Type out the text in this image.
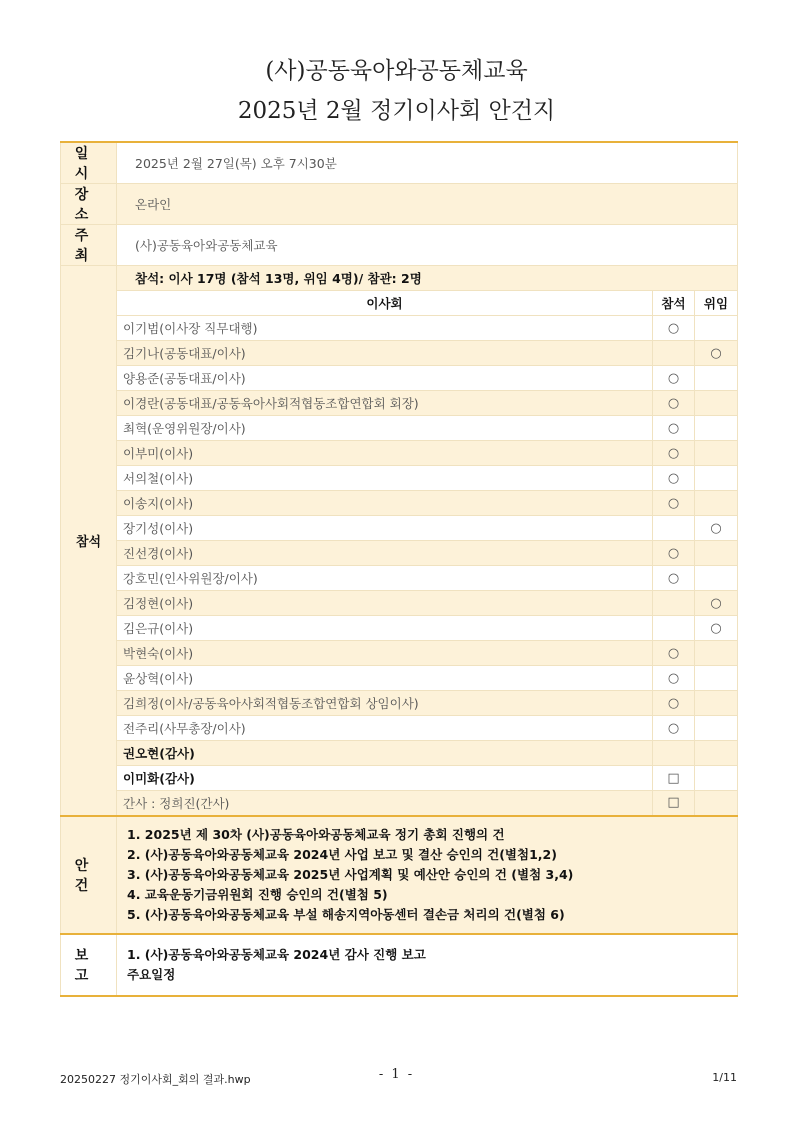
(사)공동육아와공동체교육
2025년 2월 정기이사회 안건지
일 시	2025년 2월 27일(목) 오후 7시30분		
장 소	온라인		
주 최	(사)공동육아와공동체교육		
참석	참석: 이사 17명 (참석 13명, 위임 4명)/ 참관: 2명		
	이사회	참석	위임
	이기범(이사장 직무대행)	○	
	김기나(공동대표/이사)		○
	양용준(공동대표/이사)	○	
	이경란(공동대표/공동육아사회적협동조합연합회 회장)	○	
	최혁(운영위원장/이사)	○	
	이부미(이사)	○	
	서의철(이사)	○	
	이송지(이사)	○	
	장기성(이사)		○
	진선경(이사)	○	
	강호민(인사위원장/이사)	○	
	김정현(이사)		○
	김은규(이사)		○
	박현숙(이사)	○	
	윤상혁(이사)	○	
	김희정(이사/공동육아사회적협동조합연합회 상임이사)	○	
	전주리(사무총장/이사)	○	
	권오현(감사)		
	이미화(감사)	□	
	간사 : 정희진(간사)	□	
안 건	1. 2025년 제 30차 (사)공동육아와공동체교육 정기 총회 진행의 건
2. (사)공동육아와공동체교육 2024년 사업 보고 및 결산 승인의 건(별첨1,2)
3. (사)공동육아와공동체교육 2025년 사업계획 및 예산안 승인의 건 (별첨 3,4)
4. 교육운동기금위원회 진행 승인의 건(별첨 5)
5. (사)공동육아와공동체교육 부설 해송지역아동센터 결손금 처리의 건(별첨 6)		

보 고	1. (사)공동육아와공동체교육 2024년 감사 진행 보고
주요일정		
20250227 정기이사회_회의 결과.hwp	- 1 -	1/11
